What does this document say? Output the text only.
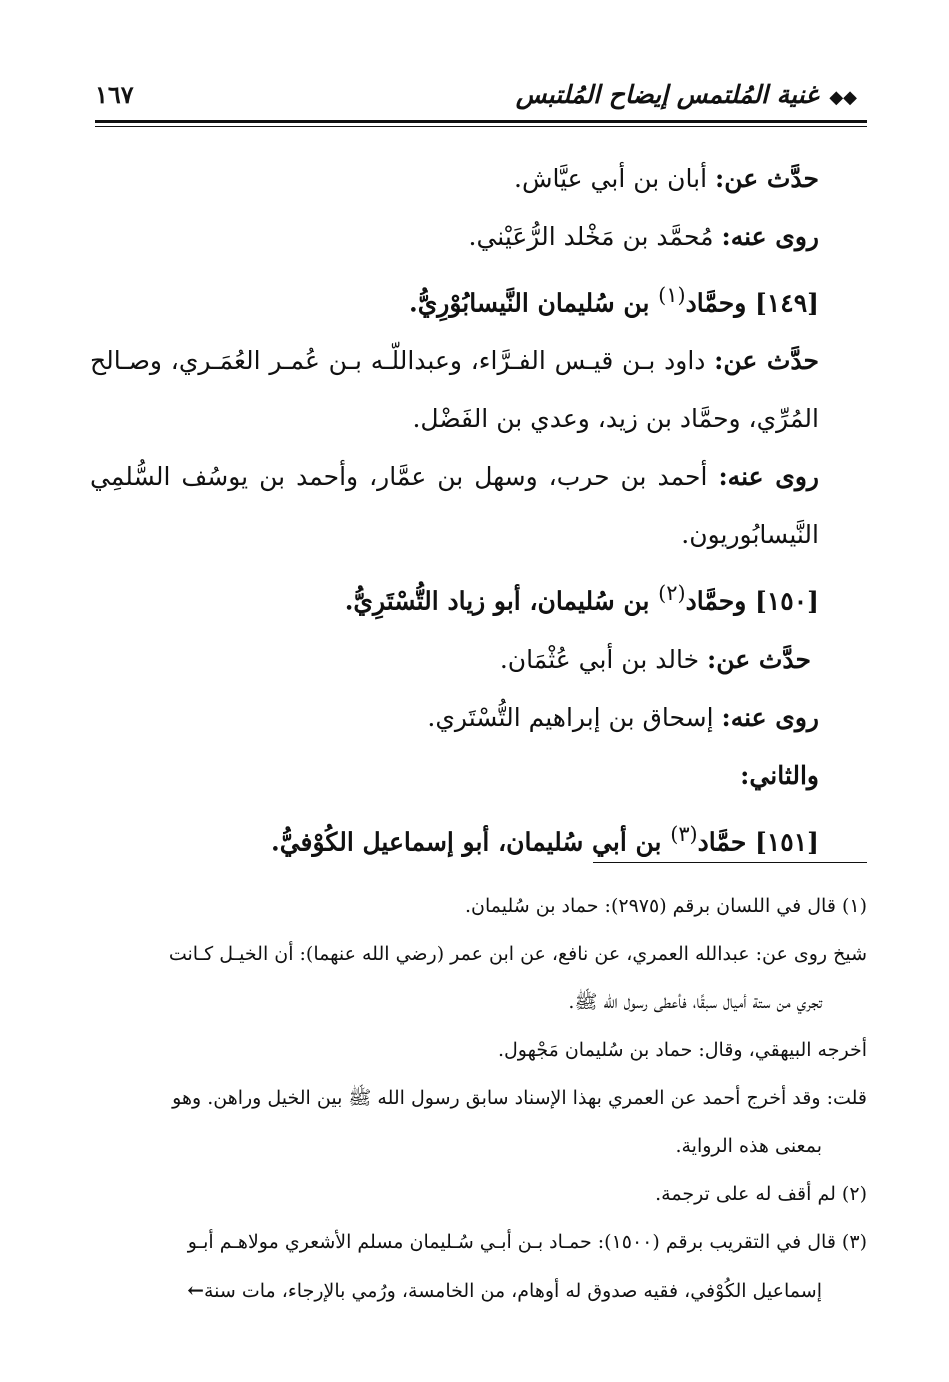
◆◆ غنية المُلتمس إيضاح المُلتبس
١٦٧

حدَّث عن: أبان بن أبي عيَّاش.

روى عنه: مُحمَّد بن مَخْلد الرُّعَيْني.

[١٤٩] وحمَّاد$^{(١)}$ بن سُليمان النَّيسابُوْرِيُّ.

حدَّث عن: داود بـن قيـس الفـرَّاء، وعبداللّـه بـن عُمـر العُمَـري، وصـالح المُرِّي، وحمَّاد بن زيد، وعدي بن الفَضْل.

روى عنه: أحمد بن حرب، وسهل بن عمَّار، وأحمد بن يوسُف السُّلمِي النَّيسابُوريون.

[١٥٠] وحمَّاد$^{(٢)}$ بن سُليمان، أبو زياد التُّسْتَرِيُّ.

حدَّث عن: خالد بن أبي عُثْمَان.

روى عنه: إسحاق بن إبراهيم التُّسْتَري.

والثاني:

[١٥١] حمَّاد$^{(٣)}$ بن أبي سُليمان، أبو إسماعيل الكُوْفيُّ.

(١) قال في اللسان برقم (٢٩٧٥): حماد بن سُليمان.

شيخ روى عن: عبدالله العمري، عن نافع، عن ابن عمر (رضي الله عنهما): أن الخيـل كـانت

تجري من ستة أميال سبقًا، فأعطى رسول الله ﷺ.

أخرجه البيهقي، وقال: حماد بن سُليمان مَجْهول.

قلت: وقد أخرج أحمد عن العمري بهذا الإسناد سابق رسول الله ﷺ بين الخيل وراهن. وهو

بمعنى هذه الرواية.

(٢) لم أقف له على ترجمة.

(٣) قال في التقريب برقم (١٥٠٠): حمـاد بـن أبـي سُـليمان مسلم الأشعري مولاهـم أبـو

إسماعيل الكُوْفي، فقيه صدوق له أوهام، من الخامسة، ورُمي بالإرجاء، مات سنة←
